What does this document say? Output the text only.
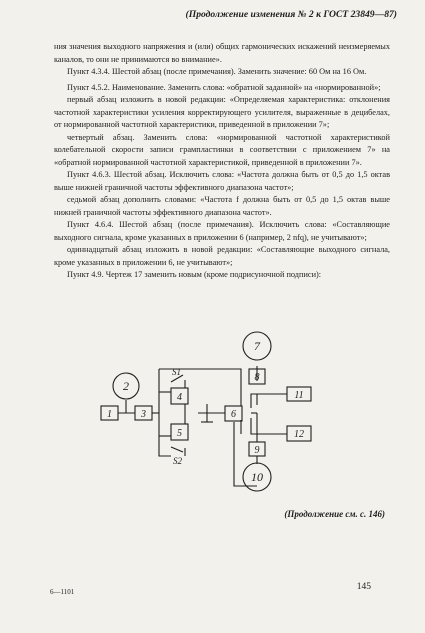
(Продолжение изменения № 2 к ГОСТ 23849—87)

ния значения выходного напряжения и (или) общих гармонических искажений неизмеряемых каналов, то они не принимаются во внимание».

Пункт 4.3.4. Шестой абзац (после примечания). Заменить значение: 60 Ом на 16 Ом.

Пункт 4.5.2. Наименование. Заменить слова: «обратной заданной» на «нормированной»;

первый абзац изложить в новой редакции: «Определяемая характеристика: отклонения частотной характеристики усиления корректирующего усилителя, выраженные в децибелах, от нормированной частотной характеристики, приведенной в приложении 7»;

четвертый абзац. Заменить слова: «нормированной частотной характеристикой колебательной скорости записи грампластинки в соответствии с приложением 7» на «обратной нормированной частотной характеристикой, приведенной в приложении 7».

Пункт 4.6.3. Шестой абзац. Исключить слова: «Частота должна быть от 0,5 до 1,5 октав выше нижней граничной частоты эффективного диапазона частот»;

седьмой абзац дополнить словами: «Частота f должна быть от 0,5 до 1,5 октав выше нижней граничной частоты эффективного диапазона частот».

Пункт 4.6.4. Шестой абзац (после примечания). Исключить слова: «Составляющие выходного сигнала, кроме указанных в приложении 6 (например, 2 nfq), не учитывают»;

одиннадцатый абзац изложить в новой редакции: «Составляющие выходного сигнала, кроме указанных в приложении 6, не учитывают»;

Пункт 4.9. Чертеж 17 заменить новым (кроме подрисуночной подписи):

1	3
4
5
6
8
9
11
12
2
7
10
S1
S2
(Продолжение см. с. 146)
145
6—1101
